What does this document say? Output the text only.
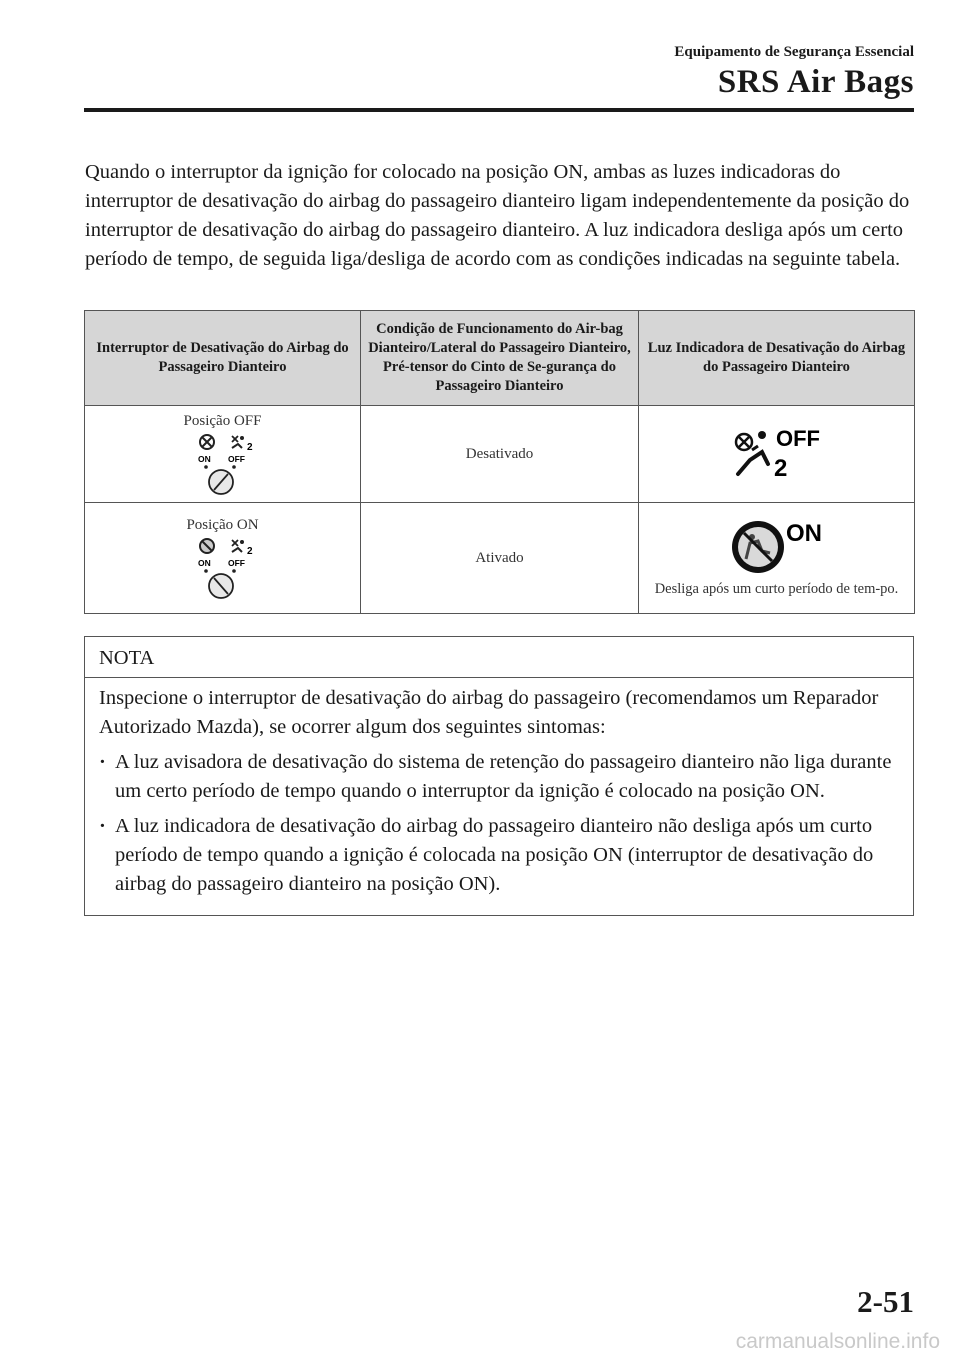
Equipamento de Segurança Essencial
SRS Air Bags

Quando o interruptor da ignição for colocado na posição ON, ambas as luzes indicadoras do interruptor de desativação do airbag do passageiro dianteiro ligam independentemente da posição do interruptor de desativação do airbag do passageiro dianteiro. A luz indicadora desliga após um certo período de tempo, de seguida liga/desliga de acordo com as condições indicadas na seguinte tabela.

Interruptor de Desativação do Airbag do Passageiro Dianteiro	Condição de Funcionamento do Air-bag Dianteiro/Lateral do Passageiro Dianteiro, Pré-tensor do Cinto de Se-gurança do Passageiro Dianteiro	Luz Indicadora de Desativação do Airbag do Passageiro Dianteiro

Posição OFF
2
ON OFF	Desativado	OFF
2

Posição ON
2
ON OFF	Ativado	ON
Desliga após um curto período de tem-po.
NOTA

Inspecione o interruptor de desativação do airbag do passageiro (recomendamos um Reparador Autorizado Mazda), se ocorrer algum dos seguintes sintomas:

· A luz avisadora de desativação do sistema de retenção do passageiro dianteiro não liga durante um certo período de tempo quando o interruptor da ignição é colocado na posição ON.

· A luz indicadora de desativação do airbag do passageiro dianteiro não desliga após um curto período de tempo quando a ignição é colocada na posição ON (interruptor de desativação do airbag do passageiro dianteiro na posição ON).

2-51
carmanualsonline.info
